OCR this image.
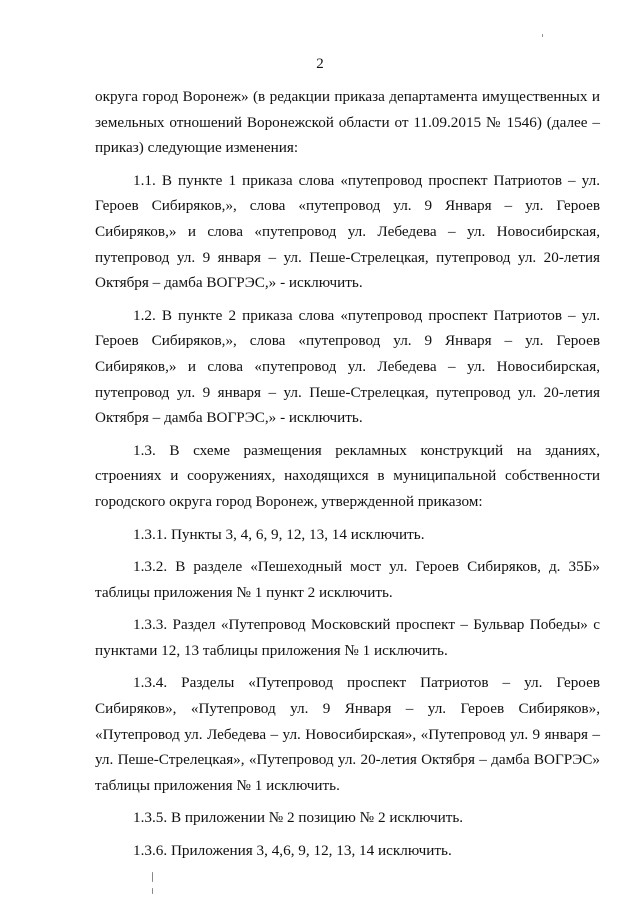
2

округа город Воронеж» (в редакции приказа департамента имущественных и земельных отношений Воронежской области от 11.09.2015 № 1546) (далее – приказ) следующие изменения:

1.1. В пункте 1 приказа слова «путепровод проспект Патриотов – ул. Героев Сибиряков,», слова «путепровод ул. 9 Января – ул. Героев Сибиряков,» и слова «путепровод ул. Лебедева – ул. Новосибирская, путепровод ул. 9 января – ул. Пеше-Стрелецкая, путепровод ул. 20-летия Октября – дамба ВОГРЭС,» - исключить.

1.2. В пункте 2 приказа слова «путепровод проспект Патриотов – ул. Героев Сибиряков,», слова «путепровод ул. 9 Января – ул. Героев Сибиряков,» и слова «путепровод ул. Лебедева – ул. Новосибирская, путепровод ул. 9 января – ул. Пеше-Стрелецкая, путепровод ул. 20-летия Октября – дамба ВОГРЭС,» - исключить.

1.3. В схеме размещения рекламных конструкций на зданиях, строениях и сооружениях, находящихся в муниципальной собственности городского округа город Воронеж, утвержденной приказом:

1.3.1. Пункты 3, 4, 6, 9, 12, 13, 14 исключить.

1.3.2. В разделе «Пешеходный мост ул. Героев Сибиряков, д. 35Б» таблицы приложения № 1 пункт 2 исключить.

1.3.3. Раздел «Путепровод Московский проспект – Бульвар Победы» с пунктами 12, 13 таблицы приложения № 1 исключить.

1.3.4. Разделы «Путепровод проспект Патриотов – ул. Героев Сибиряков», «Путепровод ул. 9 Января – ул. Героев Сибиряков», «Путепровод ул. Лебедева – ул. Новосибирская», «Путепровод ул. 9 января – ул. Пеше-Стрелецкая», «Путепровод ул. 20-летия Октября – дамба ВОГРЭС» таблицы приложения № 1 исключить.

1.3.5. В приложении № 2 позицию № 2 исключить.

1.3.6. Приложения 3, 4,6, 9, 12, 13, 14 исключить.
